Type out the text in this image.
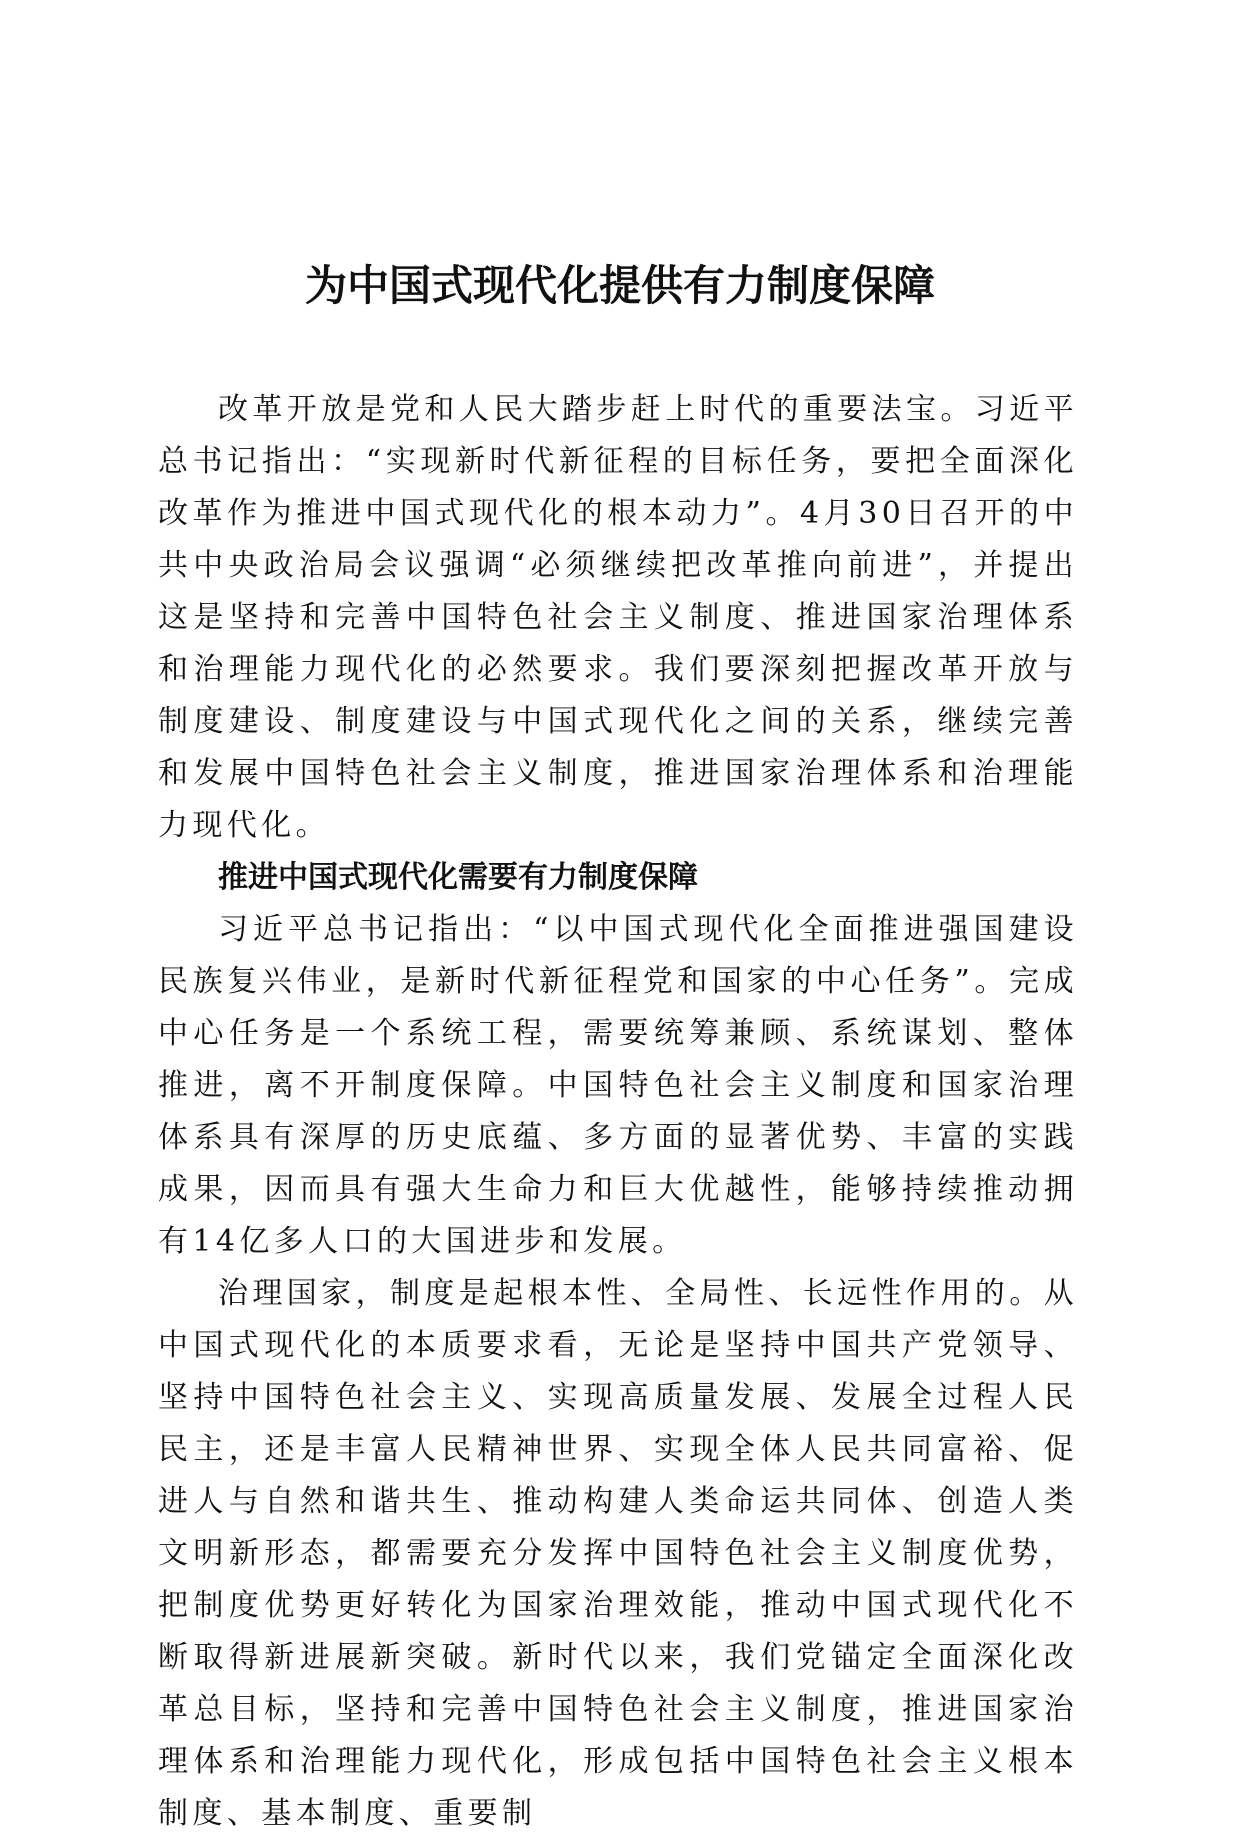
为中国式现代化提供有力制度保障

改革开放是党和人民大踏步赶上时代的重要法宝。习近平总书记指出：“实现新时代新征程的目标任务，要把全面深化改革作为推进中国式现代化的根本动力”。4月30日召开的中共中央政治局会议强调“必须继续把改革推向前进”，并提出这是坚持和完善中国特色社会主义制度、推进国家治理体系和治理能力现代化的必然要求。我们要深刻把握改革开放与制度建设、制度建设与中国式现代化之间的关系，继续完善和发展中国特色社会主义制度，推进国家治理体系和治理能力现代化。

推进中国式现代化需要有力制度保障

习近平总书记指出：“以中国式现代化全面推进强国建设民族复兴伟业，是新时代新征程党和国家的中心任务”。完成中心任务是一个系统工程，需要统筹兼顾、系统谋划、整体推进，离不开制度保障。中国特色社会主义制度和国家治理体系具有深厚的历史底蕴、多方面的显著优势、丰富的实践成果，因而具有强大生命力和巨大优越性，能够持续推动拥有14亿多人口的大国进步和发展。

治理国家，制度是起根本性、全局性、长远性作用的。从中国式现代化的本质要求看，无论是坚持中国共产党领导、坚持中国特色社会主义、实现高质量发展、发展全过程人民民主，还是丰富人民精神世界、实现全体人民共同富裕、促进人与自然和谐共生、推动构建人类命运共同体、创造人类文明新形态，都需要充分发挥中国特色社会主义制度优势，把制度优势更好转化为国家治理效能，推动中国式现代化不断取得新进展新突破。新时代以来，我们党锚定全面深化改革总目标，坚持和完善中国特色社会主义制度，推进国家治理体系和治理能力现代化，形成包括中国特色社会主义根本制度、基本制度、重要制
